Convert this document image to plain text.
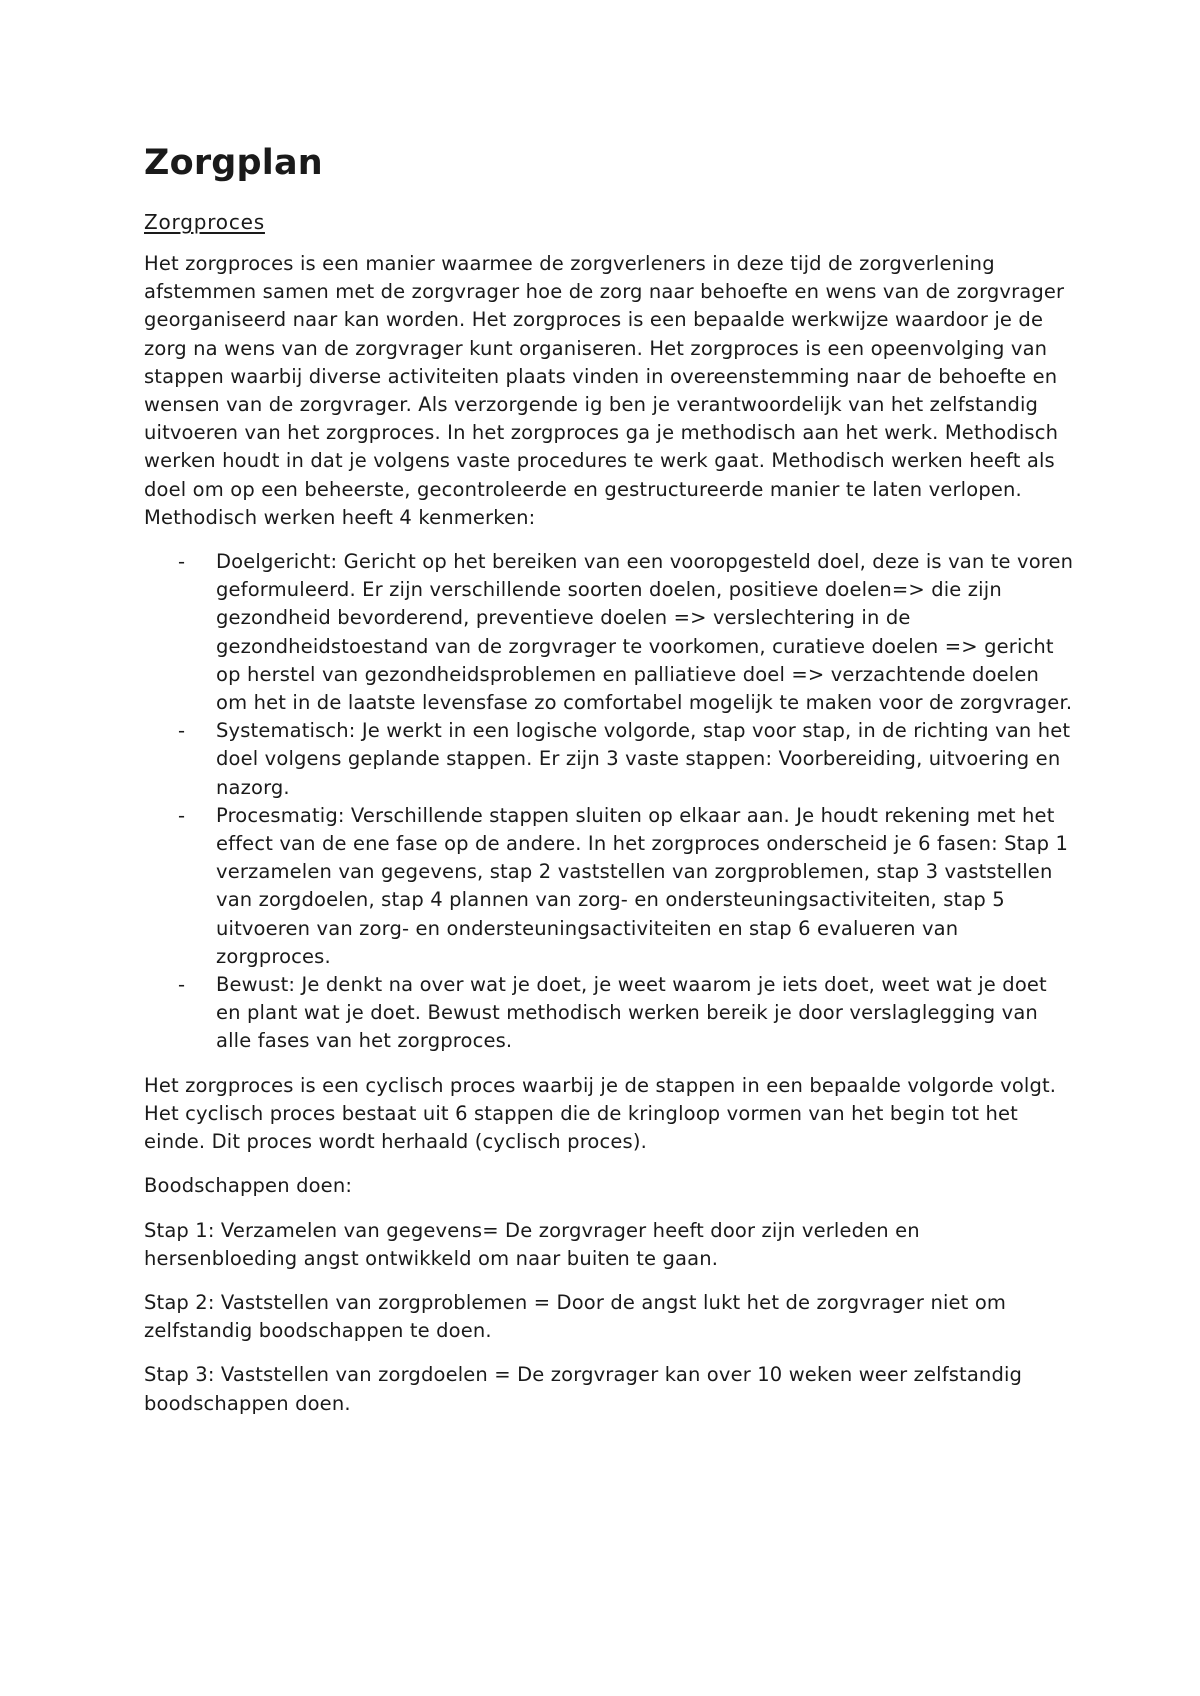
Zorgplan
Zorgproces

Het zorgproces is een manier waarmee de zorgverleners in deze tijd de zorgverlening afstemmen samen met de zorgvrager hoe de zorg naar behoefte en wens van de zorgvrager georganiseerd naar kan worden. Het zorgproces is een bepaalde werkwijze waardoor je de zorg na wens van de zorgvrager kunt organiseren. Het zorgproces is een opeenvolging van stappen waarbij diverse activiteiten plaats vinden in overeenstemming naar de behoefte en wensen van de zorgvrager. Als verzorgende ig ben je verantwoordelijk van het zelfstandig uitvoeren van het zorgproces. In het zorgproces ga je methodisch aan het werk. Methodisch werken houdt in dat je volgens vaste procedures te werk gaat. Methodisch werken heeft als doel om op een beheerste, gecontroleerde en gestructureerde manier te laten verlopen. Methodisch werken heeft 4 kenmerken:

- Doelgericht: Gericht op het bereiken van een vooropgesteld doel, deze is van te voren geformuleerd. Er zijn verschillende soorten doelen, positieve doelen=> die zijn gezondheid bevorderend, preventieve doelen => verslechtering in de gezondheidstoestand van de zorgvrager te voorkomen, curatieve doelen => gericht op herstel van gezondheidsproblemen en palliatieve doel => verzachtende doelen om het in de laatste levensfase zo comfortabel mogelijk te maken voor de zorgvrager.
- Systematisch: Je werkt in een logische volgorde, stap voor stap, in de richting van het doel volgens geplande stappen. Er zijn 3 vaste stappen: Voorbereiding, uitvoering en nazorg.
- Procesmatig: Verschillende stappen sluiten op elkaar aan. Je houdt rekening met het effect van de ene fase op de andere. In het zorgproces onderscheid je 6 fasen: Stap 1 verzamelen van gegevens, stap 2 vaststellen van zorgproblemen, stap 3 vaststellen van zorgdoelen, stap 4 plannen van zorg- en ondersteuningsactiviteiten, stap 5 uitvoeren van zorg- en ondersteuningsactiviteiten en stap 6 evalueren van zorgproces.
- Bewust: Je denkt na over wat je doet, je weet waarom je iets doet, weet wat je doet en plant wat je doet. Bewust methodisch werken bereik je door verslaglegging van alle fases van het zorgproces.

Het zorgproces is een cyclisch proces waarbij je de stappen in een bepaalde volgorde volgt. Het cyclisch proces bestaat uit 6 stappen die de kringloop vormen van het begin tot het einde. Dit proces wordt herhaald (cyclisch proces).

Boodschappen doen:

Stap 1: Verzamelen van gegevens= De zorgvrager heeft door zijn verleden en hersenbloeding angst ontwikkeld om naar buiten te gaan.

Stap 2: Vaststellen van zorgproblemen = Door de angst lukt het de zorgvrager niet om zelfstandig boodschappen te doen.

Stap 3: Vaststellen van zorgdoelen = De zorgvrager kan over 10 weken weer zelfstandig boodschappen doen.
